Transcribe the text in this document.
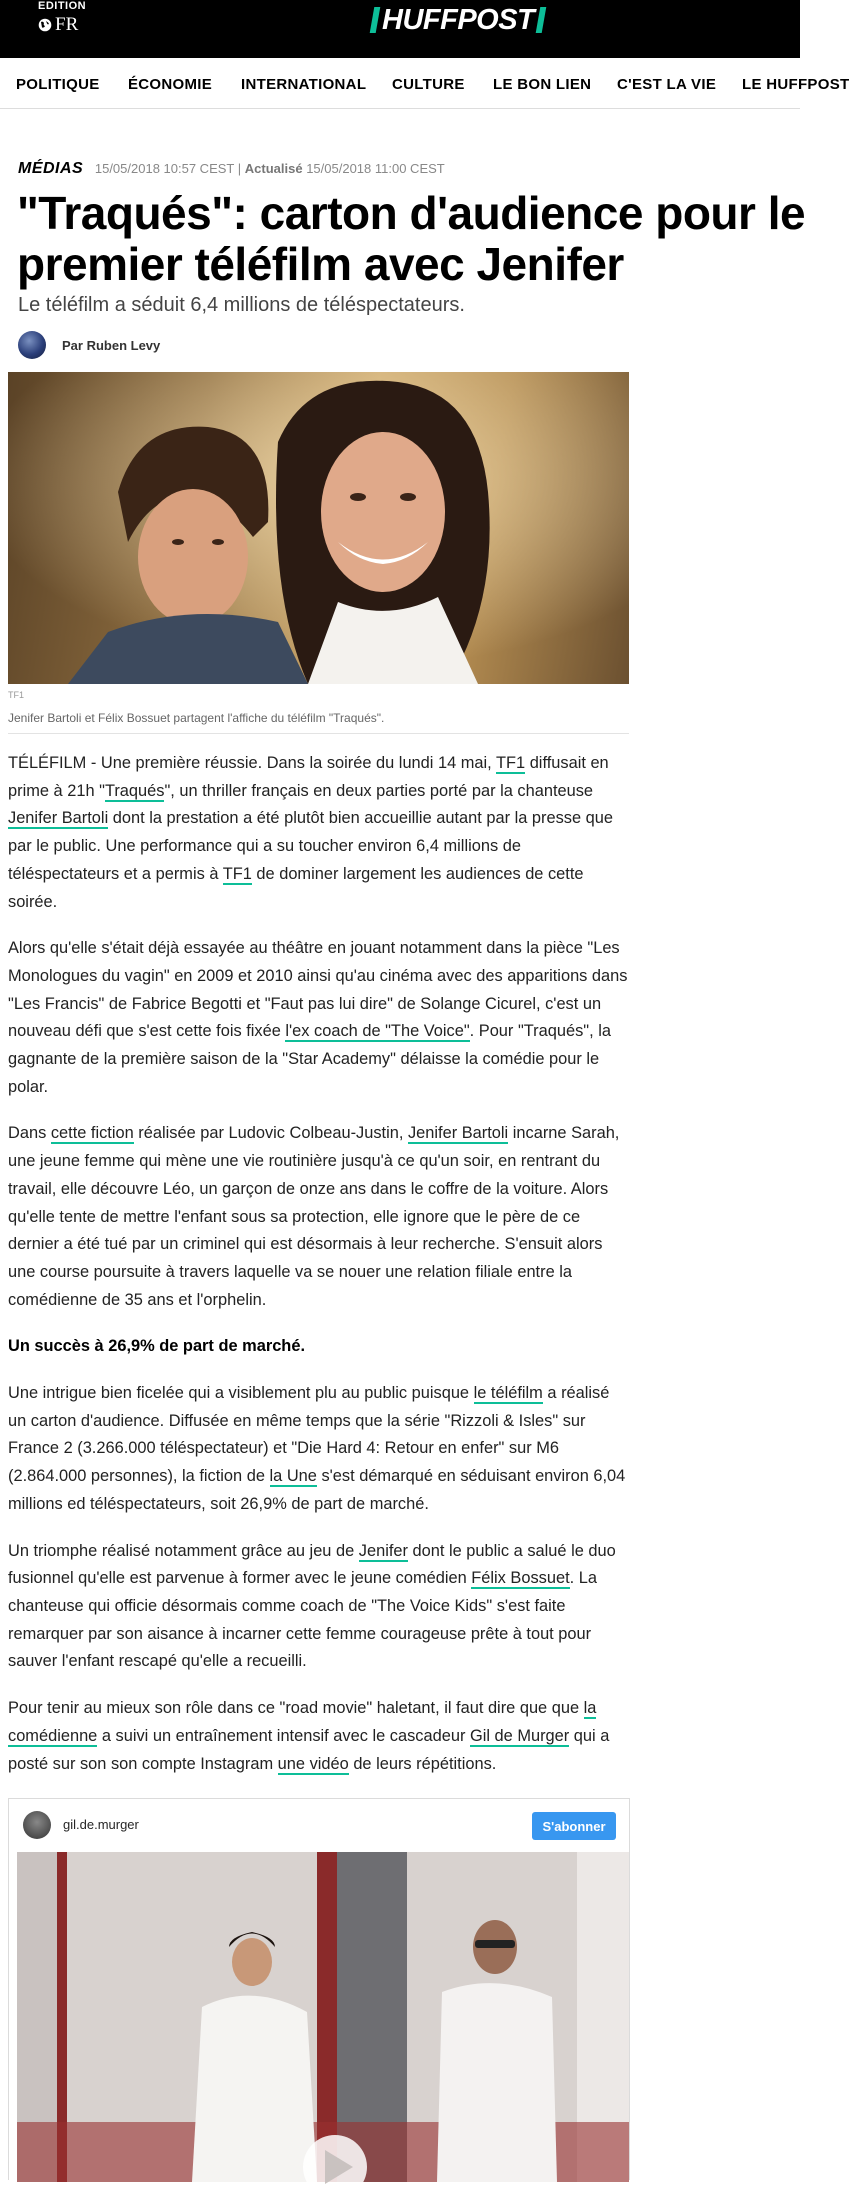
EDITION
FR	HUFFPOST
POLITIQUE ÉCONOMIE INTERNATIONAL CULTURE LE BON LIEN C'EST LA VIE LE HUFFPOST
MÉDIAS 15/05/2018 10:57 CEST | Actualisé 15/05/2018 11:00 CEST
"Traqués": carton d'audience pour le premier téléfilm avec Jenifer
Le téléfilm a séduit 6,4 millions de téléspectateurs.
Par Ruben Levy
TF1
Jenifer Bartoli et Félix Bossuet partagent l'affiche du téléfilm "Traqués".

TÉLÉFILM - Une première réussie. Dans la soirée du lundi 14 mai, TF1 diffusait en prime à 21h "Traqués", un thriller français en deux parties porté par la chanteuse Jenifer Bartoli dont la prestation a été plutôt bien accueillie autant par la presse que par le public. Une performance qui a su toucher environ 6,4 millions de téléspectateurs et a permis à TF1 de dominer largement les audiences de cette soirée.

Alors qu'elle s'était déjà essayée au théâtre en jouant notamment dans la pièce "Les Monologues du vagin" en 2009 et 2010 ainsi qu'au cinéma avec des apparitions dans "Les Francis" de Fabrice Begotti et "Faut pas lui dire" de Solange Cicurel, c'est un nouveau défi que s'est cette fois fixée l'ex coach de "The Voice". Pour "Traqués", la gagnante de la première saison de la "Star Academy" délaisse la comédie pour le polar.

Dans cette fiction réalisée par Ludovic Colbeau-Justin, Jenifer Bartoli incarne Sarah, une jeune femme qui mène une vie routinière jusqu'à ce qu'un soir, en rentrant du travail, elle découvre Léo, un garçon de onze ans dans le coffre de la voiture. Alors qu'elle tente de mettre l'enfant sous sa protection, elle ignore que le père de ce dernier a été tué par un criminel qui est désormais à leur recherche. S'ensuit alors une course poursuite à travers laquelle va se nouer une relation filiale entre la comédienne de 35 ans et l'orphelin.

Un succès à 26,9% de part de marché.

Une intrigue bien ficelée qui a visiblement plu au public puisque le téléfilm a réalisé un carton d'audience. Diffusée en même temps que la série "Rizzoli & Isles" sur France 2 (3.266.000 téléspectateur) et "Die Hard 4: Retour en enfer" sur M6 (2.864.000 personnes), la fiction de la Une s'est démarqué en séduisant environ 6,04 millions ed téléspectateurs, soit 26,9% de part de marché.

Un triomphe réalisé notamment grâce au jeu de Jenifer dont le public a salué le duo fusionnel qu'elle est parvenue à former avec le jeune comédien Félix Bossuet. La chanteuse qui officie désormais comme coach de "The Voice Kids" s'est faite remarquer par son aisance à incarner cette femme courageuse prête à tout pour sauver l'enfant rescapé qu'elle a recueilli.

Pour tenir au mieux son rôle dans ce "road movie" haletant, il faut dire que que la comédienne a suivi un entraînement intensif avec le cascadeur Gil de Murger qui a posté sur son son compte Instagram une vidéo de leurs répétitions.

gil.de.murger	S'abonner
